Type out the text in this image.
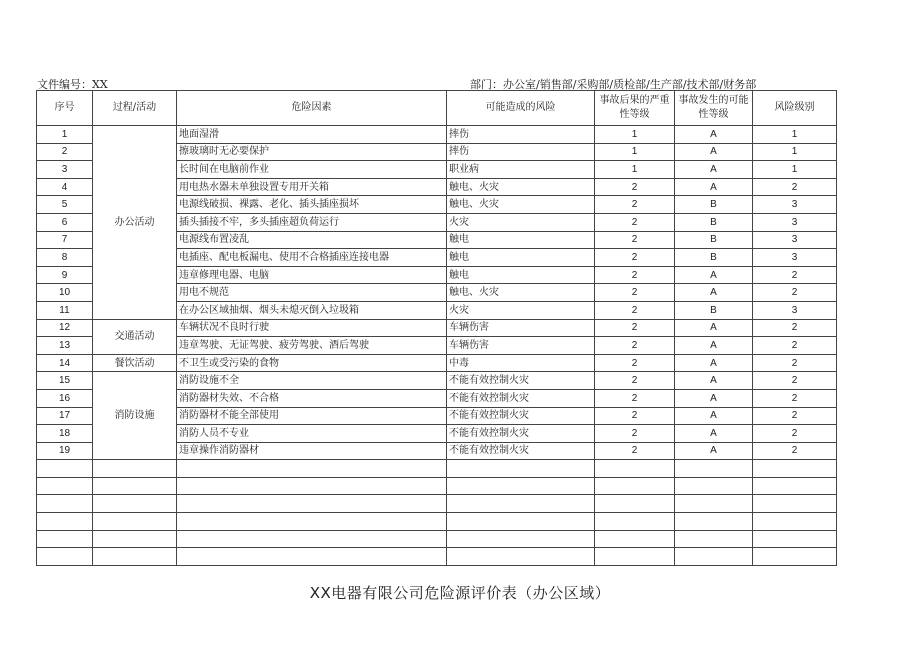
文件编号：XX	部门：办公室/销售部/采购部/质检部/生产部/技术部/财务部
序号	过程/活动	危险因素	可能造成的风险	事故后果的严重性等级	事故发生的可能性等级	风险级别
1	办公活动	地面湿滑	摔伤	1	A	1
2		擦玻璃时无必要保护	摔伤	1	A	1
3		长时间在电脑前作业	职业病	1	A	1
4		用电热水器未单独设置专用开关箱	触电、火灾	2	A	2
5		电源线破损、裸露、老化、插头插座损坏	触电、火灾	2	B	3
6		插头插接不牢，多头插座超负荷运行	火灾	2	B	3
7		电源线布置凌乱	触电	2	B	3
8		电插座、配电板漏电、使用不合格插座连接电器	触电	2	B	3
9		违章修理电器、电脑	触电	2	A	2
10		用电不规范	触电、火灾	2	A	2
11		在办公区域抽烟、烟头未熄灭倒入垃圾箱	火灾	2	B	3
12	交通活动	车辆状况不良时行驶	车辆伤害	2	A	2
13		违章驾驶、无证驾驶、疲劳驾驶、酒后驾驶	车辆伤害	2	A	2
14	餐饮活动	不卫生或受污染的食物	中毒	2	A	2
15	消防设施	消防设施不全	不能有效控制火灾	2	A	2
16		消防器材失效、不合格	不能有效控制火灾	2	A	2
17		消防器材不能全部使用	不能有效控制火灾	2	A	2
18		消防人员不专业	不能有效控制火灾	2	A	2
19		违章操作消防器材	不能有效控制火灾	2	A	2

XX电器有限公司危险源评价表（办公区域）
